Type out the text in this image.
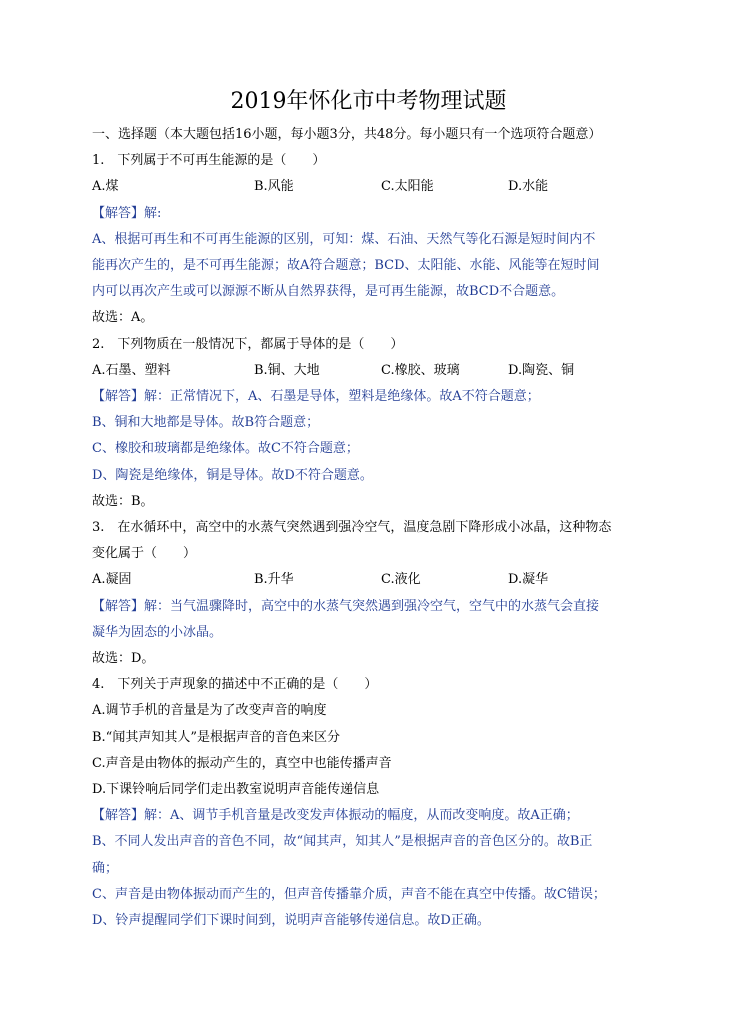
2019年怀化市中考物理试题
一、选择题（本大题包括16小题，每小题3分，共48分。每小题只有一个选项符合题意）
1.　下列属于不可再生能源的是（　　）
A.煤	B.风能	C.太阳能	D.水能
【解答】解:
A、根据可再生和不可再生能源的区别，可知：煤、石油、天然气等化石源是短时间内不
能再次产生的，是不可再生能源；故A符合题意；BCD、太阳能、水能、风能等在短时间
内可以再次产生或可以源源不断从自然界获得，是可再生能源，故BCD不合题意。
故选：A。
2.　下列物质在一般情况下，都属于导体的是（　　）
A.石墨、塑料	B.铜、大地	C.橡胶、玻璃	D.陶瓷、铜
【解答】解：正常情况下，A、石墨是导体，塑料是绝缘体。故A不符合题意；
B、铜和大地都是导体。故B符合题意；
C、橡胶和玻璃都是绝缘体。故C不符合题意；
D、陶瓷是绝缘体，铜是导体。故D不符合题意。
故选：B。
3.　在水循环中，高空中的水蒸气突然遇到强冷空气，温度急剧下降形成小冰晶，这种物态
变化属于（　　）
A.凝固	B.升华	C.液化	D.凝华
【解答】解：当气温骤降时，高空中的水蒸气突然遇到强冷空气，空气中的水蒸气会直接
凝华为固态的小冰晶。
故选：D。
4.　下列关于声现象的描述中不正确的是（　　）
A.调节手机的音量是为了改变声音的响度
B.“闻其声知其人”是根据声音的音色来区分
C.声音是由物体的振动产生的，真空中也能传播声音
D.下课铃响后同学们走出教室说明声音能传递信息
【解答】解：A、调节手机音量是改变发声体振动的幅度，从而改变响度。故A正确；
B、不同人发出声音的音色不同，故“闻其声，知其人”是根据声音的音色区分的。故B正
确；
C、声音是由物体振动而产生的，但声音传播靠介质，声音不能在真空中传播。故C错误；
D、铃声提醒同学们下课时间到，说明声音能够传递信息。故D正确。
